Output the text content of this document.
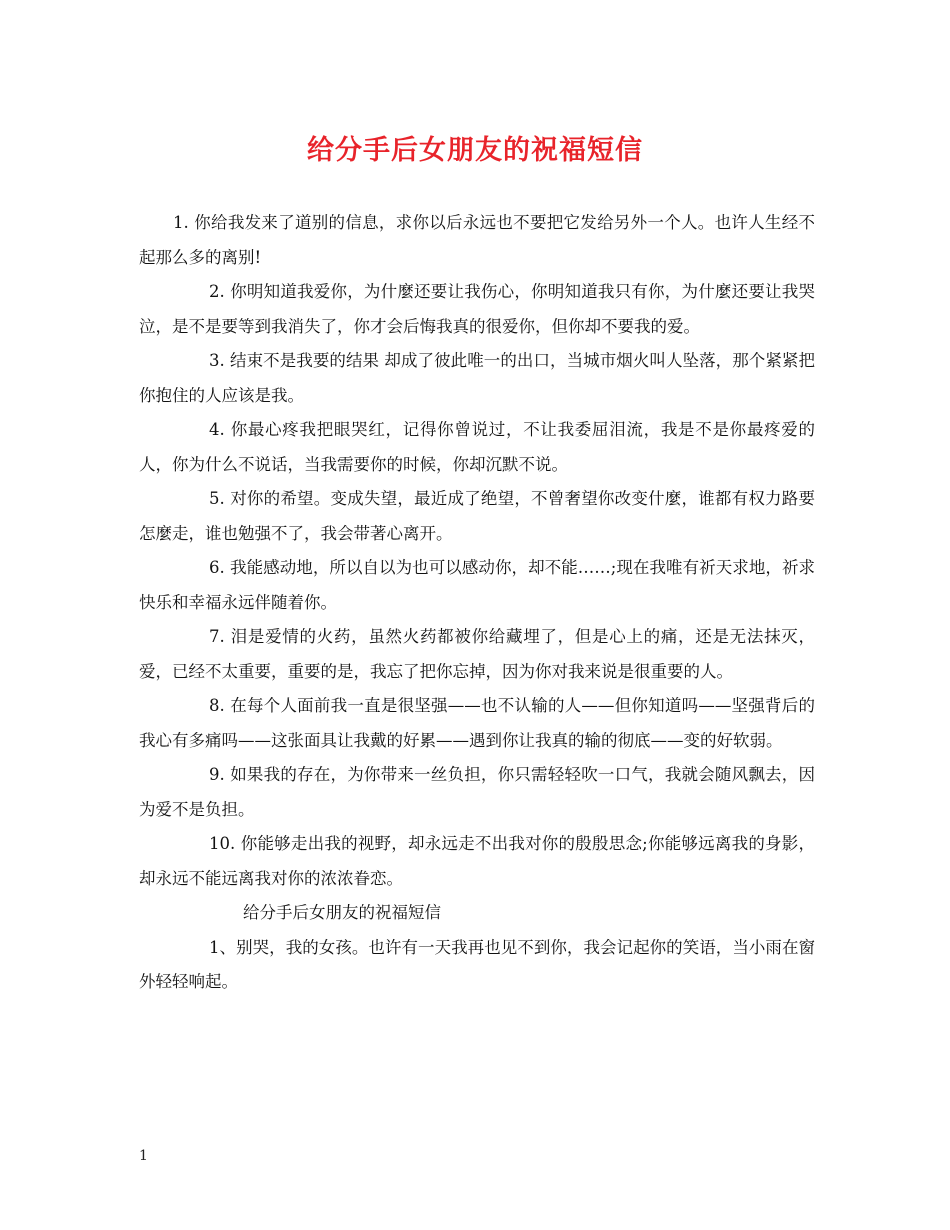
给分手后女朋友的祝福短信

1. 你给我发来了道别的信息，求你以后永远也不要把它发给另外一个人。也许人生经不起那么多的离别!

2. 你明知道我爱你，为什麼还要让我伤心，你明知道我只有你，为什麼还要让我哭泣，是不是要等到我消失了，你才会后悔我真的很爱你，但你却不要我的爱。

3. 结束不是我要的结果 却成了彼此唯一的出口，当城市烟火叫人坠落，那个紧紧把你抱住的人应该是我。

4. 你最心疼我把眼哭红，记得你曾说过，不让我委屈泪流，我是不是你最疼爱的人，你为什么不说话，当我需要你的时候，你却沉默不说。

5. 对你的希望。变成失望，最近成了绝望，不曾奢望你改变什麼，谁都有权力路要怎麼走，谁也勉强不了，我会带著心离开。

6. 我能感动地，所以自以为也可以感动你，却不能……;现在我唯有祈天求地，祈求快乐和幸福永远伴随着你。

7. 泪是爱情的火药，虽然火药都被你给藏埋了，但是心上的痛，还是无法抹灭，爱，已经不太重要，重要的是，我忘了把你忘掉，因为你对我来说是很重要的人。

8. 在每个人面前我一直是很坚强——也不认输的人——但你知道吗——坚强背后的我心有多痛吗——这张面具让我戴的好累——遇到你让我真的输的彻底——变的好软弱。

9. 如果我的存在，为你带来一丝负担，你只需轻轻吹一口气，我就会随风飘去，因为爱不是负担。

10. 你能够走出我的视野，却永远走不出我对你的殷殷思念;你能够远离我的身影，却永远不能远离我对你的浓浓眷恋。

给分手后女朋友的祝福短信

1、别哭，我的女孩。也许有一天我再也见不到你，我会记起你的笑语，当小雨在窗外轻轻响起。

1
